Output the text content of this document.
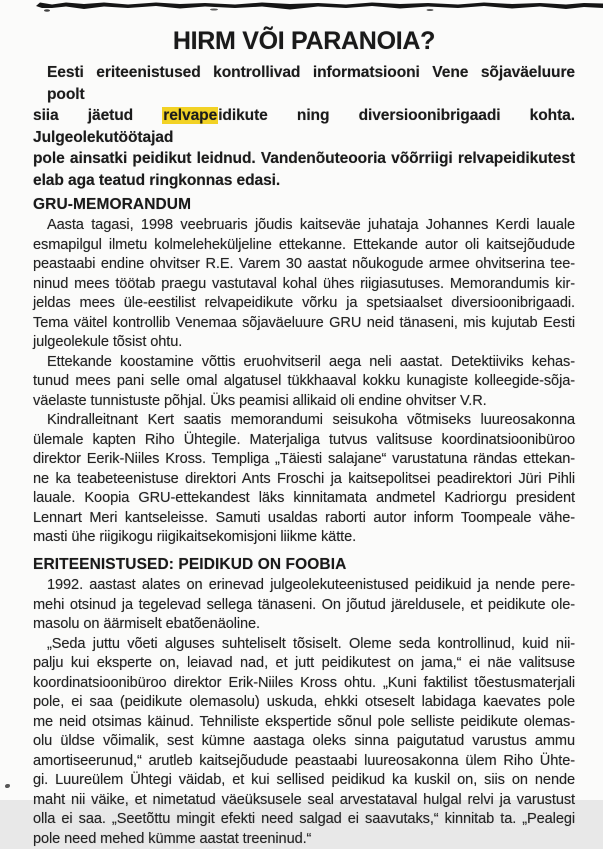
HIRM VÕI PARANOIA?
Eesti eriteenistused kontrollivad informatsiooni Vene sõjaväeluure poolt
siia jäetud relvapeidikute ning diversioonibrigaadi kohta. Julgeolekutöötajad
pole ainsatki peidikut leidnud. Vandenõuteooria võõrriigi relvapeidikutest
elab aga teatud ringkonnas edasi.
GRU-MEMORANDUM
Aasta tagasi, 1998 veebruaris jõudis kaitseväe juhataja Johannes Kerdi lauale
esmapilgul ilmetu kolmeleheküljeline ettekanne. Ettekande autor oli kaitsejõudude
peastaabi endine ohvitser R.E. Varem 30 aastat nõukogude armee ohvitserina tee-
ninud mees töötab praegu vastutaval kohal ühes riigiasutuses. Memorandumis kir-
jeldas mees üle-eestilist relvapeidikute võrku ja spetsiaalset diversioonibrigaadi.
Tema väitel kontrollib Venemaa sõjaväeluure GRU neid tänaseni, mis kujutab Eesti
julgeolekule tõsist ohtu.
Ettekande koostamine võttis eruohvitseril aega neli aastat. Detektiiviks kehas-
tunud mees pani selle omal algatusel tükkhaaval kokku kunagiste kolleegide-sõja-
väelaste tunnistuste põhjal. Üks peamisi allikaid oli endine ohvitser V.R.
Kindralleitnant Kert saatis memorandumi seisukoha võtmiseks luureosakonna
ülemale kapten Riho Ühtegile. Materjaliga tutvus valitsuse koordinatsioonibüroo
direktor Eerik-Niiles Kross. Templiga „Täiesti salajane“ varustatuna rändas ettekan-
ne ka teabeteenistuse direktori Ants Froschi ja kaitsepolitsei peadirektori Jüri Pihli
lauale. Koopia GRU-ettekandest läks kinnitamata andmetel Kadriorgu president
Lennart Meri kantseleisse. Samuti usaldas raborti autor inform Toompeale vähe-
masti ühe riigikogu riigikaitsekomisjoni liikme kätte.
ERITEENISTUSED: PEIDIKUD ON FOOBIA
1992. aastast alates on erinevad julgeolekuteenistused peidikuid ja nende pere-
mehi otsinud ja tegelevad sellega tänaseni. On jõutud järeldusele, et peidikute ole-
masolu on äärmiselt ebatõenäoline.
„Seda juttu võeti alguses suhteliselt tõsiselt. Oleme seda kontrollinud, kuid nii-
palju kui eksperte on, leiavad nad, et jutt peidikutest on jama,“ ei näe valitsuse
koordinatsioonibüroo direktor Erik-Niiles Kross ohtu. „Kuni faktilist tõestusmaterjali
pole, ei saa (peidikute olemasolu) uskuda, ehkki otseselt labidaga kaevates pole
me neid otsimas käinud. Tehniliste ekspertide sõnul pole selliste peidikute olemas-
olu üldse võimalik, sest kümne aastaga oleks sinna paigutatud varustus ammu
amortiseerunud,“ arutleb kaitsejõudude peastaabi luureosakonna ülem Riho Ühte-
gi. Luureülem Ühtegi väidab, et kui sellised peidikud ka kuskil on, siis on nende
maht nii väike, et nimetatud väeüksusele seal arvestataval hulgal relvi ja varustust
olla ei saa. „Seetõttu mingit efekti need salgad ei saavutaks,“ kinnitab ta. „Pealegi
pole need mehed kümme aastat treeninud.“
